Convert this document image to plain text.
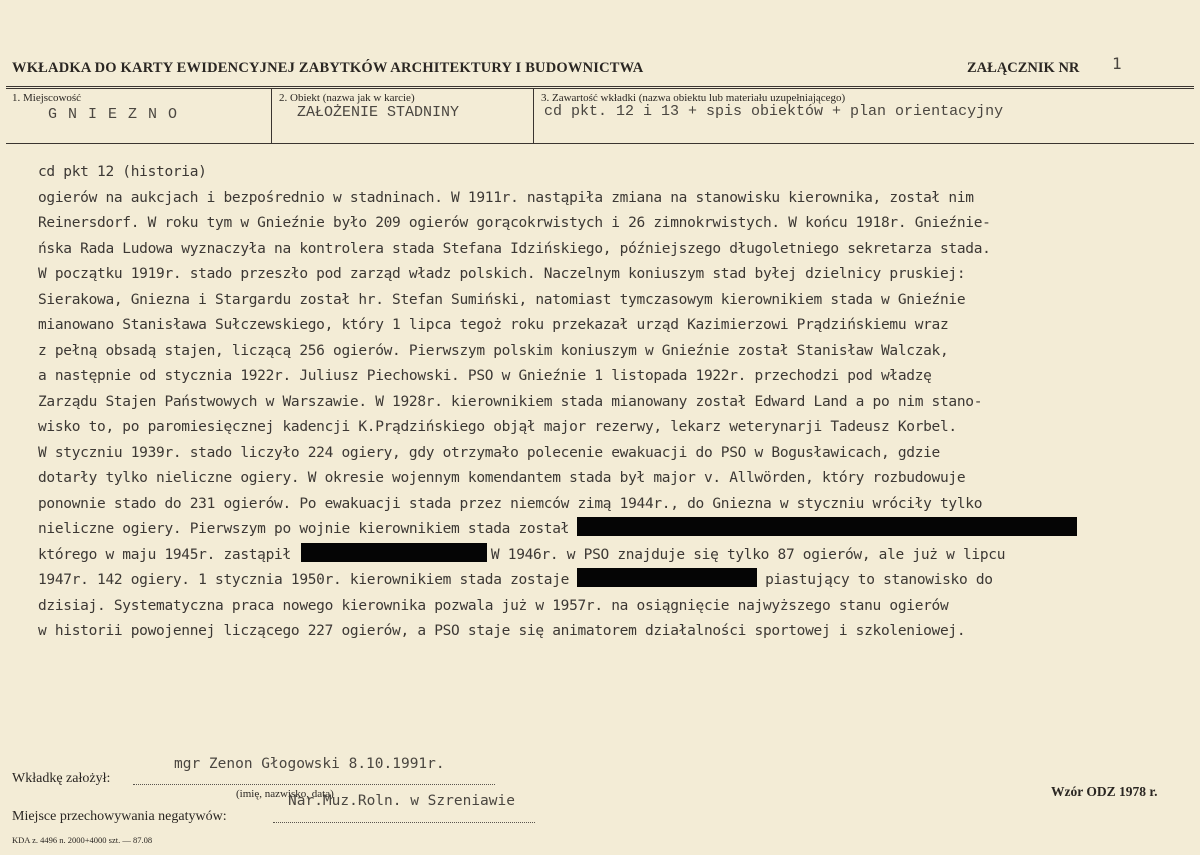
WKŁADKA DO KARTY EWIDENCYJNEJ ZABYTKÓW ARCHITEKTURY I BUDOWNICTWA	ZAŁĄCZNIK NR 1
1. Miejscowość
G N I E Z N O
2. Obiekt (nazwa jak w karcie)
ZAŁOŻENIE STADNINY
3. Zawartość wkładki (nazwa obiektu lub materiału uzupełniającego)
cd pkt. 12 i 13 + spis obiektów + plan orientacyjny
cd pkt 12 (historia)
ogierów na aukcjach i bezpośrednio w stadninach. W 1911r. nastąpiła zmiana na stanowisku kierownika, został nim
Reinersdorf. W roku tym w Gnieźnie było 209 ogierów gorącokrwistych i 26 zimnokrwistych. W końcu 1918r. Gnieźnie-
ńska Rada Ludowa wyznaczyła na kontrolera stada Stefana Idzińskiego, późniejszego długoletniego sekretarza stada.
W początku 1919r. stado przeszło pod zarząd władz polskich. Naczelnym koniuszym stad byłej dzielnicy pruskiej:
Sierakowa, Gniezna i Stargardu został hr. Stefan Sumiński, natomiast tymczasowym kierownikiem stada w Gnieźnie
mianowano Stanisława Sułczewskiego, który 1 lipca tegoż roku przekazał urząd Kazimierzowi Prądzińskiemu wraz
z pełną obsadą stajen, liczącą 256 ogierów. Pierwszym polskim koniuszym w Gnieźnie został Stanisław Walczak,
a następnie od stycznia 1922r. Juliusz Piechowski. PSO w Gnieźnie 1 listopada 1922r. przechodzi pod władzę
Zarządu Stajen Państwowych w Warszawie. W 1928r. kierownikiem stada mianowany został Edward Land a po nim stano-
wisko to, po paromiesięcznej kadencji K.Prądzińskiego objął major rezerwy, lekarz weterynarji Tadeusz Korbel.
W styczniu 1939r. stado liczyło 224 ogiery, gdy otrzymało polecenie ewakuacji do PSO w Bogusławicach, gdzie
dotarły tylko nieliczne ogiery. W okresie wojennym komendantem stada był major v. Allwörden, który rozbudowuje
ponownie stado do 231 ogierów. Po ewakuacji stada przez niemców zimą 1944r., do Gniezna w styczniu wróciły tylko
nieliczne ogiery. Pierwszym po wojnie kierownikiem stada został
którego w maju 1945r. zastąpił	W 1946r. w PSO znajduje się tylko 87 ogierów, ale już w lipcu
1947r. 142 ogiery. 1 stycznia 1950r. kierownikiem stada zostaje	piastujący to stanowisko do
dzisiaj. Systematyczna praca nowego kierownika pozwala już w 1957r. na osiągnięcie najwyższego stanu ogierów
w historii powojennej liczącego 227 ogierów, a PSO staje się animatorem działalności sportowej i szkoleniowej.
Wkładkę założył:
mgr Zenon Głogowski 8.10.1991r.
(imię, nazwisko, data)
Miejsce przechowywania negatywów:
Nar.Muz.Roln. w Szreniawie
Wzór ODZ 1978 r.
KDA z. 4496 n. 2000+4000 szt. — 87.08
